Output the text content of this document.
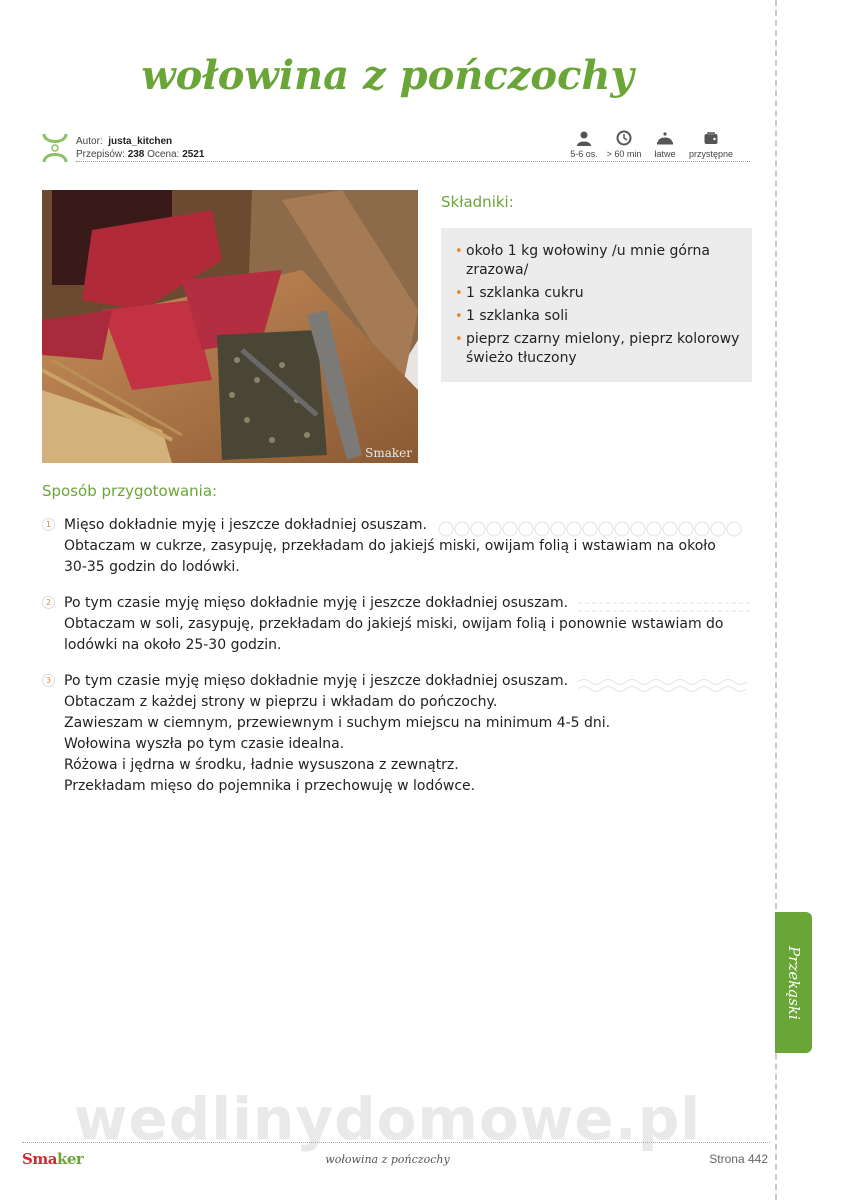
wołowina z pończochy
Autor: justa_kitchen
Przepisów: 238 Ocena: 2521	5-6 os. > 60 min	łatwe	przystępne
Smaker
Składniki:
• około 1 kg wołowiny /u mnie górna zrazowa/
• 1 szklanka cukru
• 1 szklanka soli
• pieprz czarny mielony, pieprz kolorowy świeżo tłuczony
Sposób przygotowania:
1 Mięso dokładnie myję i jeszcze dokładniej osuszam.
Obtaczam w cukrze, zasypuję, przekładam do jakiejś miski, owijam folią i wstawiam na około
30-35 godzin do lodówki.
2 Po tym czasie myję mięso dokładnie myję i jeszcze dokładniej osuszam.
Obtaczam w soli, zasypuję, przekładam do jakiejś miski, owijam folią i ponownie wstawiam do
lodówki na około 25-30 godzin.
3 Po tym czasie myję mięso dokładnie myję i jeszcze dokładniej osuszam.
Obtaczam z każdej strony w pieprzu i wkładam do pończochy.
Zawieszam w ciemnym, przewiewnym i suchym miejscu na minimum 4-5 dni.
Wołowina wyszła po tym czasie idealna.
Różowa i jędrna w środku, ładnie wysuszona z zewnątrz.
Przekładam mięso do pojemnika i przechowuję w lodówce.
Przekąski
wedlinydomowe.pl
Smaker	wołowina z pończochy	Strona 442
